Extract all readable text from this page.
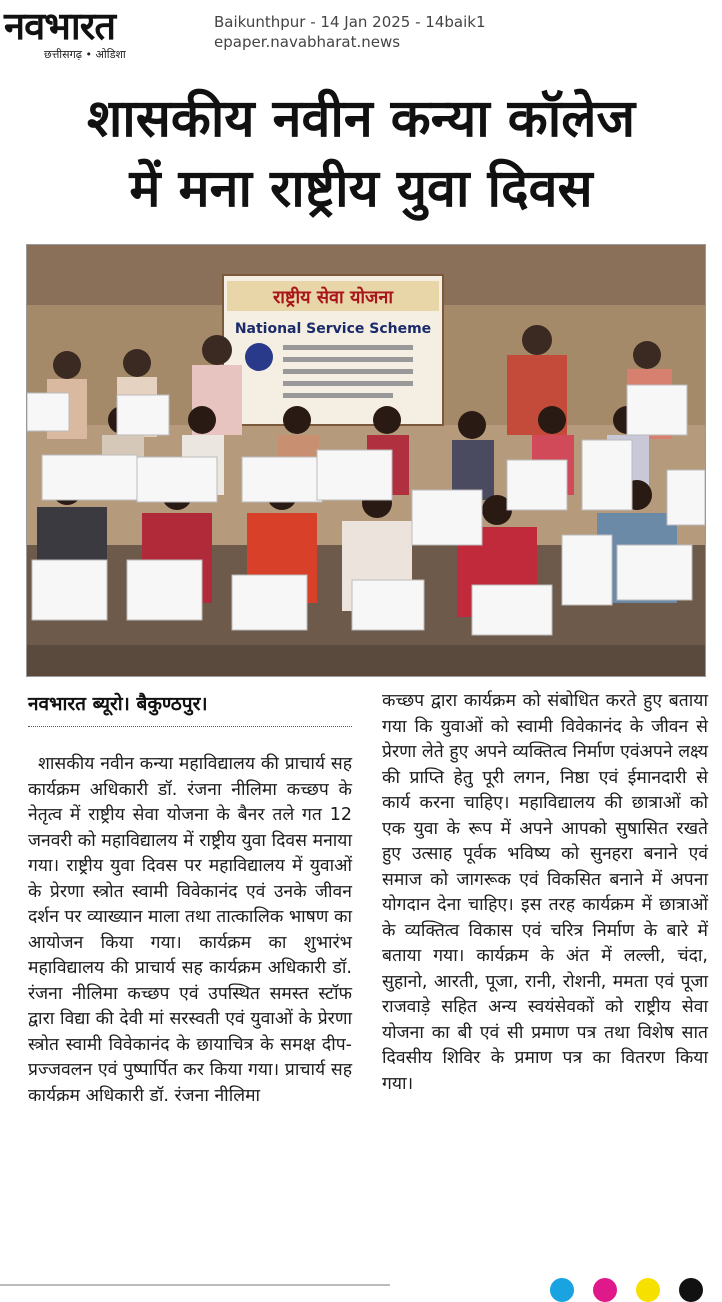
नवभारत
छत्तीसगढ़ • ओडिशा
Baikunthpur - 14 Jan 2025 - 14baik1
epaper.navabharat.news
शासकीय नवीन कन्या कॉलेज
में मना राष्ट्रीय युवा दिवस
राष्ट्रीय सेवा योजना
National Service Scheme
नवभारत ब्यूरो। बैकुण्ठपुर।
शासकीय नवीन कन्या महाविद्यालय की प्राचार्य सह कार्यक्रम अधिकारी डॉ. रंजना नीलिमा कच्छप के नेतृत्व में राष्ट्रीय सेवा योजना के बैनर तले गत 12 जनवरी को महाविद्यालय में राष्ट्रीय युवा दिवस मनाया गया। राष्ट्रीय युवा दिवस पर महाविद्यालय में युवाओं के प्रेरणा स्त्रोत स्वामी विवेकानंद एवं उनके जीवन दर्शन पर व्याख्यान माला तथा तात्कालिक भाषण का आयोजन किया गया। कार्यक्रम का शुभारंभ महाविद्यालय की प्राचार्य सह कार्यक्रम अधिकारी डॉ. रंजना नीलिमा कच्छप एवं उपस्थित समस्त स्टॉफ द्वारा विद्या की देवी मां सरस्वती एवं युवाओं के प्रेरणा स्त्रोत स्वामी विवेकानंद के छायाचित्र के समक्ष दीप-प्रज्जवलन एवं पुष्पार्पित कर किया गया। प्राचार्य सह कार्यक्रम अधिकारी डॉ. रंजना नीलिमा
कच्छप द्वारा कार्यक्रम को संबोधित करते हुए बताया गया कि युवाओं को स्वामी विवेकानंद के जीवन से प्रेरणा लेते हुए अपने व्यक्तित्व निर्माण एवंअपने लक्ष्य की प्राप्ति हेतु पूरी लगन, निष्ठा एवं ईमानदारी से कार्य करना चाहिए। महाविद्यालय की छात्राओं को एक युवा के रूप में अपने आपको सुषासित रखते हुए उत्साह पूर्वक भविष्य को सुनहरा बनाने एवं समाज को जागरूक एवं विकसित बनाने में अपना योगदान देना चाहिए। इस तरह कार्यक्रम में छात्राओं के व्यक्तित्व विकास एवं चरित्र निर्माण के बारे में बताया गया। कार्यक्रम के अंत में लल्ली, चंदा, सुहानो, आरती, पूजा, रानी, रोशनी, ममता एवं पूजा राजवाड़े सहित अन्य स्वयंसेवकों को राष्ट्रीय सेवा योजना का बी एवं सी प्रमाण पत्र तथा विशेष सात दिवसीय शिविर के प्रमाण पत्र का वितरण किया गया।
